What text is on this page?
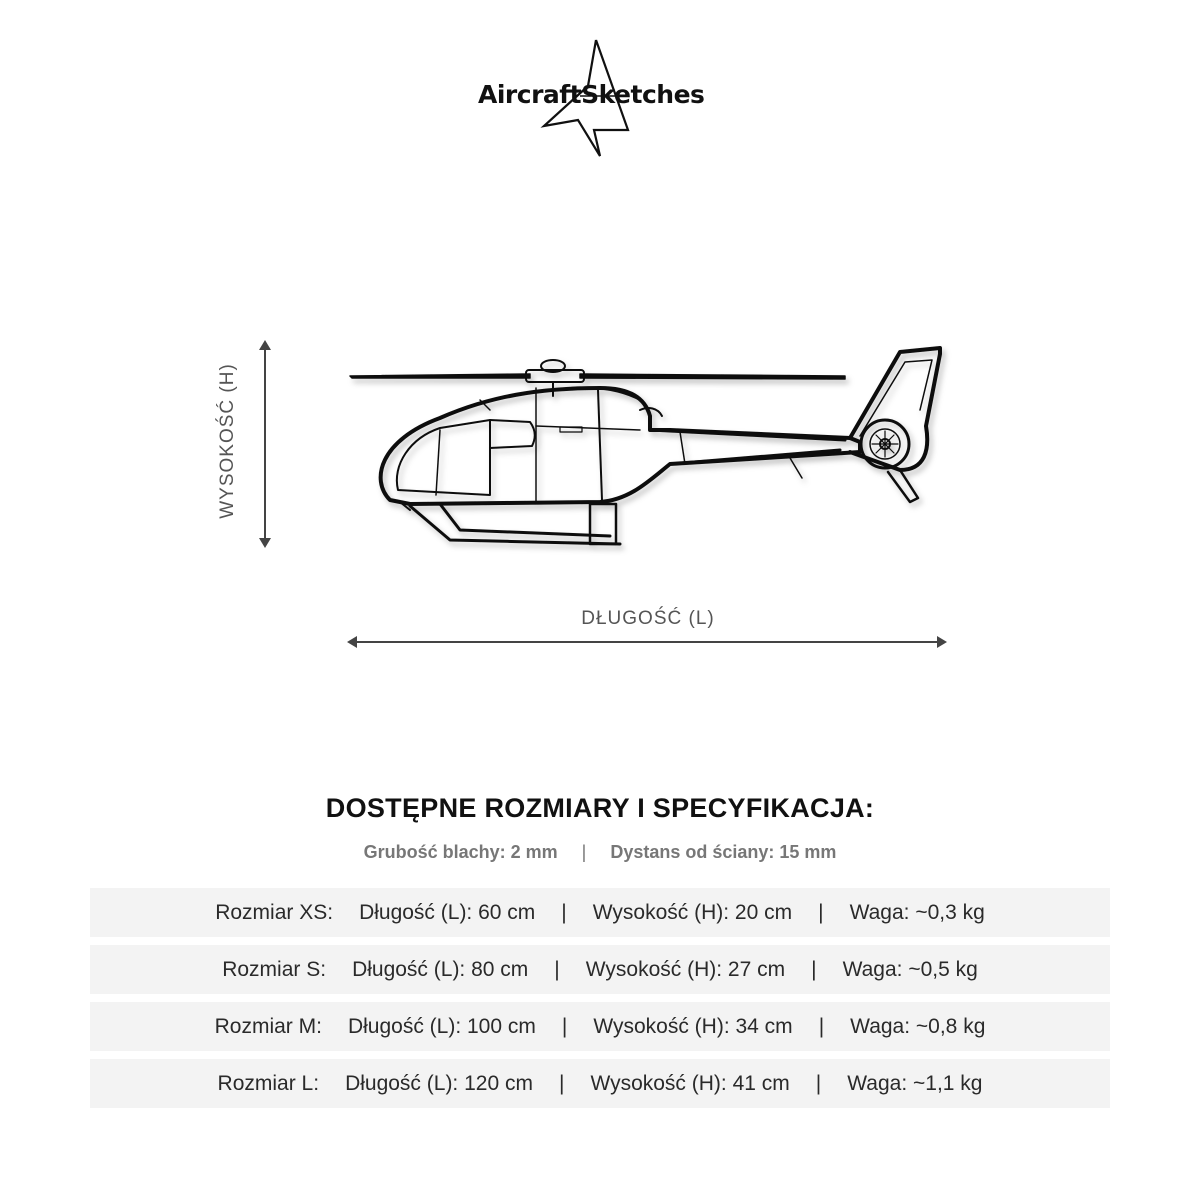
AircraftSketches
WYSOKOŚĆ (H)
DŁUGOŚĆ (L)
DOSTĘPNE ROZMIARY I SPECYFIKACJA:
Grubość blachy: 2 mm | Dystans od ściany: 15 mm
Rozmiar XS: Długość (L): 60 cm | Wysokość (H): 20 cm | Waga: ~0,3 kg
Rozmiar S: Długość (L): 80 cm | Wysokość (H): 27 cm | Waga: ~0,5 kg
Rozmiar M: Długość (L): 100 cm | Wysokość (H): 34 cm | Waga: ~0,8 kg
Rozmiar L: Długość (L): 120 cm | Wysokość (H): 41 cm | Waga: ~1,1 kg
